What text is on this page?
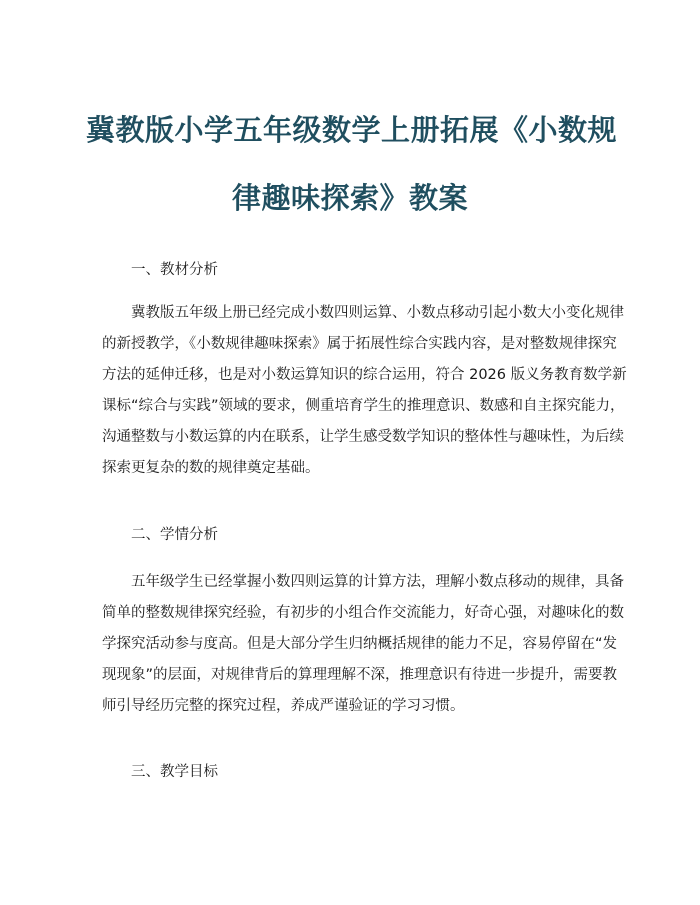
冀教版小学五年级数学上册拓展《小数规
律趣味探索》教案
一、教材分析
冀教版五年级上册已经完成小数四则运算、小数点移动引起小数大小变化规律
的新授教学，《小数规律趣味探索》属于拓展性综合实践内容，是对整数规律探究
方法的延伸迁移，也是对小数运算知识的综合运用，符合 2026 版义务教育数学新
课标“综合与实践”领域的要求，侧重培育学生的推理意识、数感和自主探究能力，
沟通整数与小数运算的内在联系，让学生感受数学知识的整体性与趣味性，为后续
探索更复杂的数的规律奠定基础。
二、学情分析
五年级学生已经掌握小数四则运算的计算方法，理解小数点移动的规律，具备
简单的整数规律探究经验，有初步的小组合作交流能力，好奇心强，对趣味化的数
学探究活动参与度高。但是大部分学生归纳概括规律的能力不足，容易停留在“发
现现象”的层面，对规律背后的算理理解不深，推理意识有待进一步提升，需要教
师引导经历完整的探究过程，养成严谨验证的学习习惯。
三、教学目标
